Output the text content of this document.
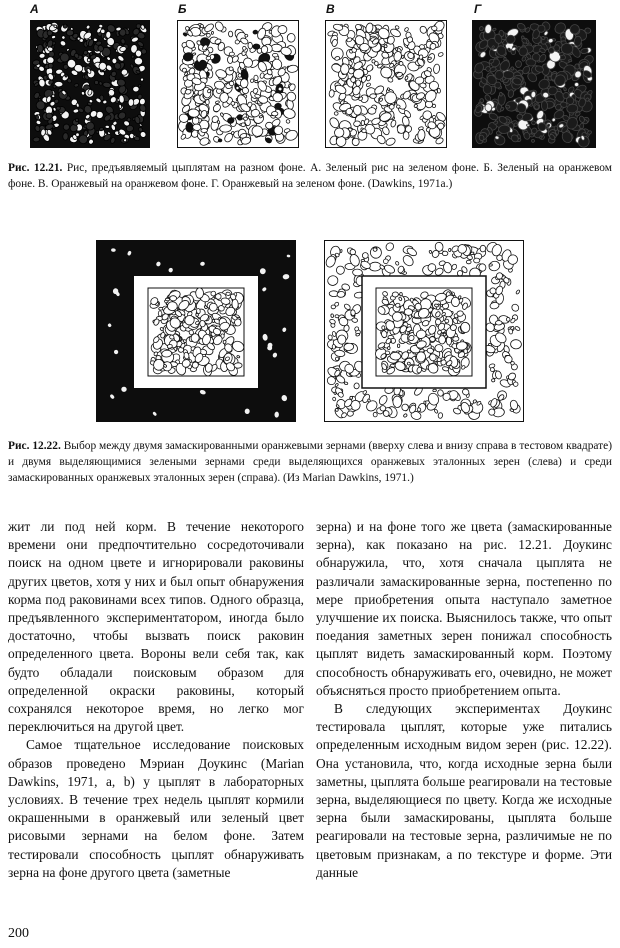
А	Б	В	Г
Рис. 12.21. Рис, предъявляемый цыплятам на разном фоне. А. Зеленый рис на зеленом фоне. Б. Зеленый на оранжевом фоне. В. Оранжевый на оранжевом фоне. Г. Оранжевый на зеленом фоне. (Dawkins, 1971a.)
Рис. 12.22. Выбор между двумя замаскированными оранжевыми зернами (вверху слева и внизу справа в тестовом квадрате) и двумя выделяющимися зелеными зернами среди выделяющихся оранжевых эталонных зерен (слева) и среди замаскированных оранжевых эталонных зерен (справа). (Из Marian Dawkins, 1971.)

жит ли под ней корм. В течение некоторого времени они предпочтительно сосредоточивали поиск на одном цвете и игнорировали раковины других цветов, хотя у них и был опыт обнаружения корма под раковинами всех типов. Одного образца, предъявленного экспериментатором, иногда было достаточно, чтобы вызвать поиск раковин определенного цвета. Вороны вели себя так, как будто обладали поисковым образом для определенной окраски раковины, который сохранялся некоторое время, но легко мог переключиться на другой цвет.

Самое тщательное исследование поисковых образов проведено Мэриан Доукинс (Marian Dawkins, 1971, a, b) у цыплят в лабораторных условиях. В течение трех недель цыплят кормили окрашенными в оранжевый или зеленый цвет рисовыми зернами на белом фоне. Затем тестировали способность цыплят обнаруживать зерна на фоне другого цвета (заметные

зерна) и на фоне того же цвета (замаскированные зерна), как показано на рис. 12.21. Доукинс обнаружила, что, хотя сначала цыплята не различали замаскированные зерна, постепенно по мере приобретения опыта наступало заметное улучшение их поиска. Выяснилось также, что опыт поедания заметных зерен понижал способность цыплят видеть замаскированный корм. Поэтому способность обнаруживать его, очевидно, не может объясняться просто приобретением опыта.

В следующих экспериментах Доукинс тестировала цыплят, которые уже питались определенным исходным видом зерен (рис. 12.22). Она установила, что, когда исходные зерна были заметны, цыплята больше реагировали на тестовые зерна, выделяющиеся по цвету. Когда же исходные зерна были замаскированы, цыплята больше реагировали на тестовые зерна, различимые не по цветовым признакам, а по текстуре и форме. Эти данные

200
